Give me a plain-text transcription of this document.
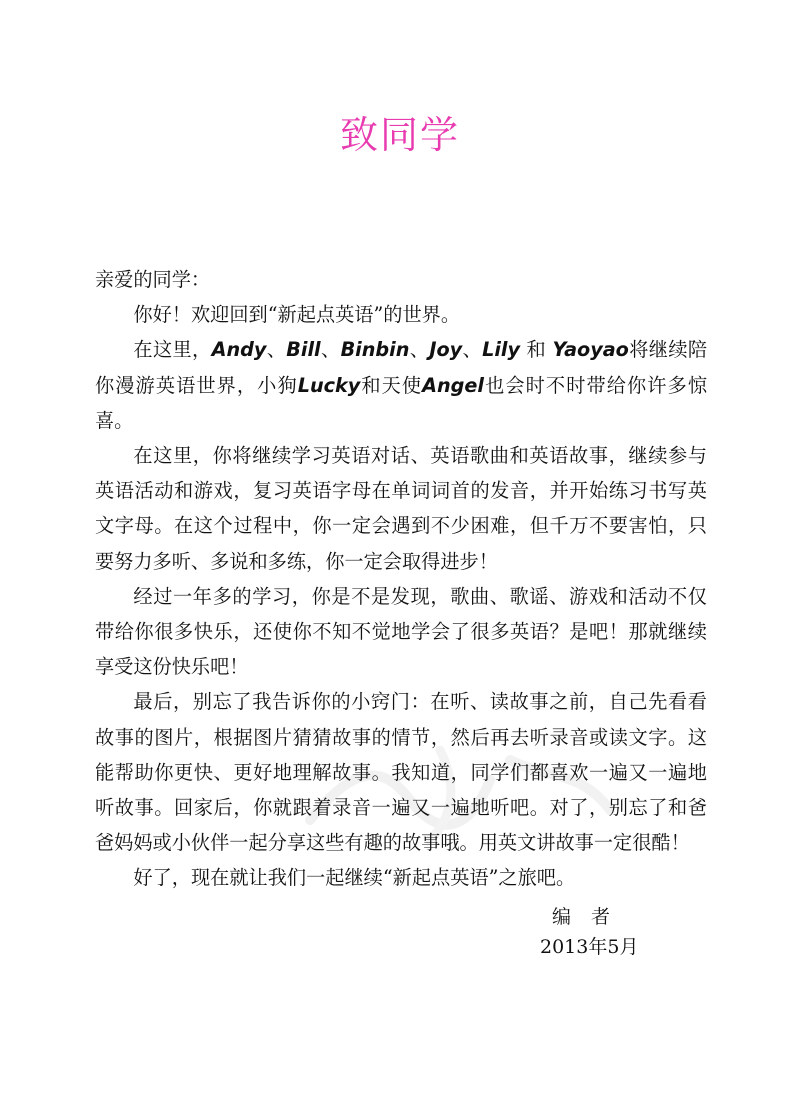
致同学

亲爱的同学：

你好！欢迎回到“新起点英语”的世界。

在这里，Andy、Bill、Binbin、Joy、Lily 和 Yaoyao将继续陪你漫游英语世界，小狗Lucky和天使Angel也会时不时带给你许多惊喜。

在这里，你将继续学习英语对话、英语歌曲和英语故事，继续参与英语活动和游戏，复习英语字母在单词词首的发音，并开始练习书写英文字母。在这个过程中，你一定会遇到不少困难，但千万不要害怕，只要努力多听、多说和多练，你一定会取得进步！

经过一年多的学习，你是不是发现，歌曲、歌谣、游戏和活动不仅带给你很多快乐，还使你不知不觉地学会了很多英语？是吧！那就继续享受这份快乐吧！

最后，别忘了我告诉你的小窍门：在听、读故事之前，自己先看看故事的图片，根据图片猜猜故事的情节，然后再去听录音或读文字。这能帮助你更快、更好地理解故事。我知道，同学们都喜欢一遍又一遍地听故事。回家后，你就跟着录音一遍又一遍地听吧。对了，别忘了和爸爸妈妈或小伙伴一起分享这些有趣的故事哦。用英文讲故事一定很酷！

好了，现在就让我们一起继续“新起点英语”之旅吧。

编者
2013年5月
